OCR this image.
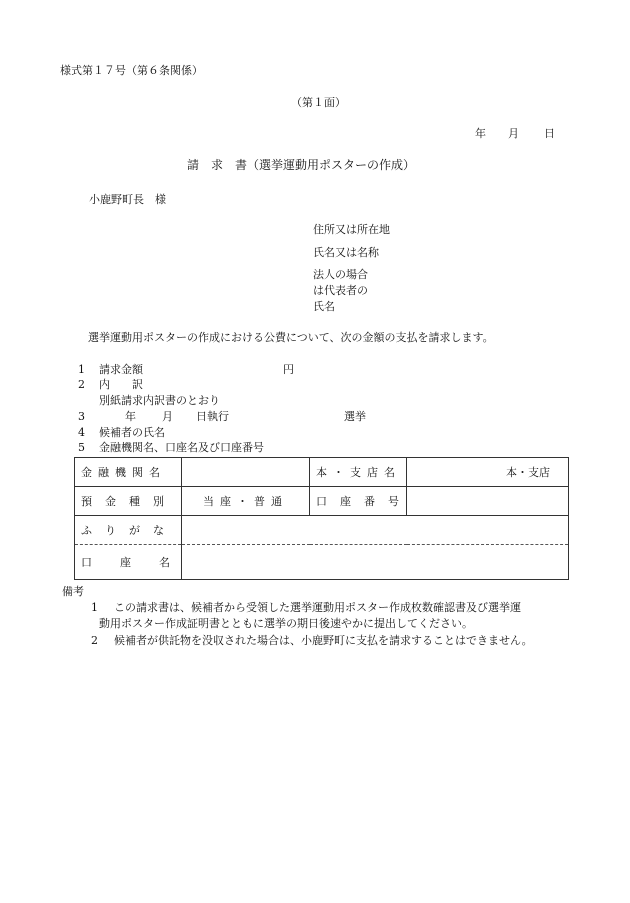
様式第１７号（第６条関係）
（第１面）
年 月 日
請　求　書（選挙運動用ポスターの作成）
小鹿野町長　様
住所又は所在地
氏名又は名称
法人の場合
は代表者の
氏名
選挙運動用ポスターの作成における公費について、次の金額の支払を請求します。
1 請求金額	円
2 内　　訳
別紙請求内訳書のとおり
3	年 月 日執行	選挙
4 候補者の氏名
5 金融機関名、口座名及び口座番号
金融機関名		本・支店名	本・支店
預金種別	当座・普通	口座番号	
ふりがな			
口座名			
備考
1 この請求書は、候補者から受領した選挙運動用ポスター作成枚数確認書及び選挙運
動用ポスター作成証明書とともに選挙の期日後速やかに提出してください。
2 候補者が供託物を没収された場合は、小鹿野町に支払を請求することはできません。
